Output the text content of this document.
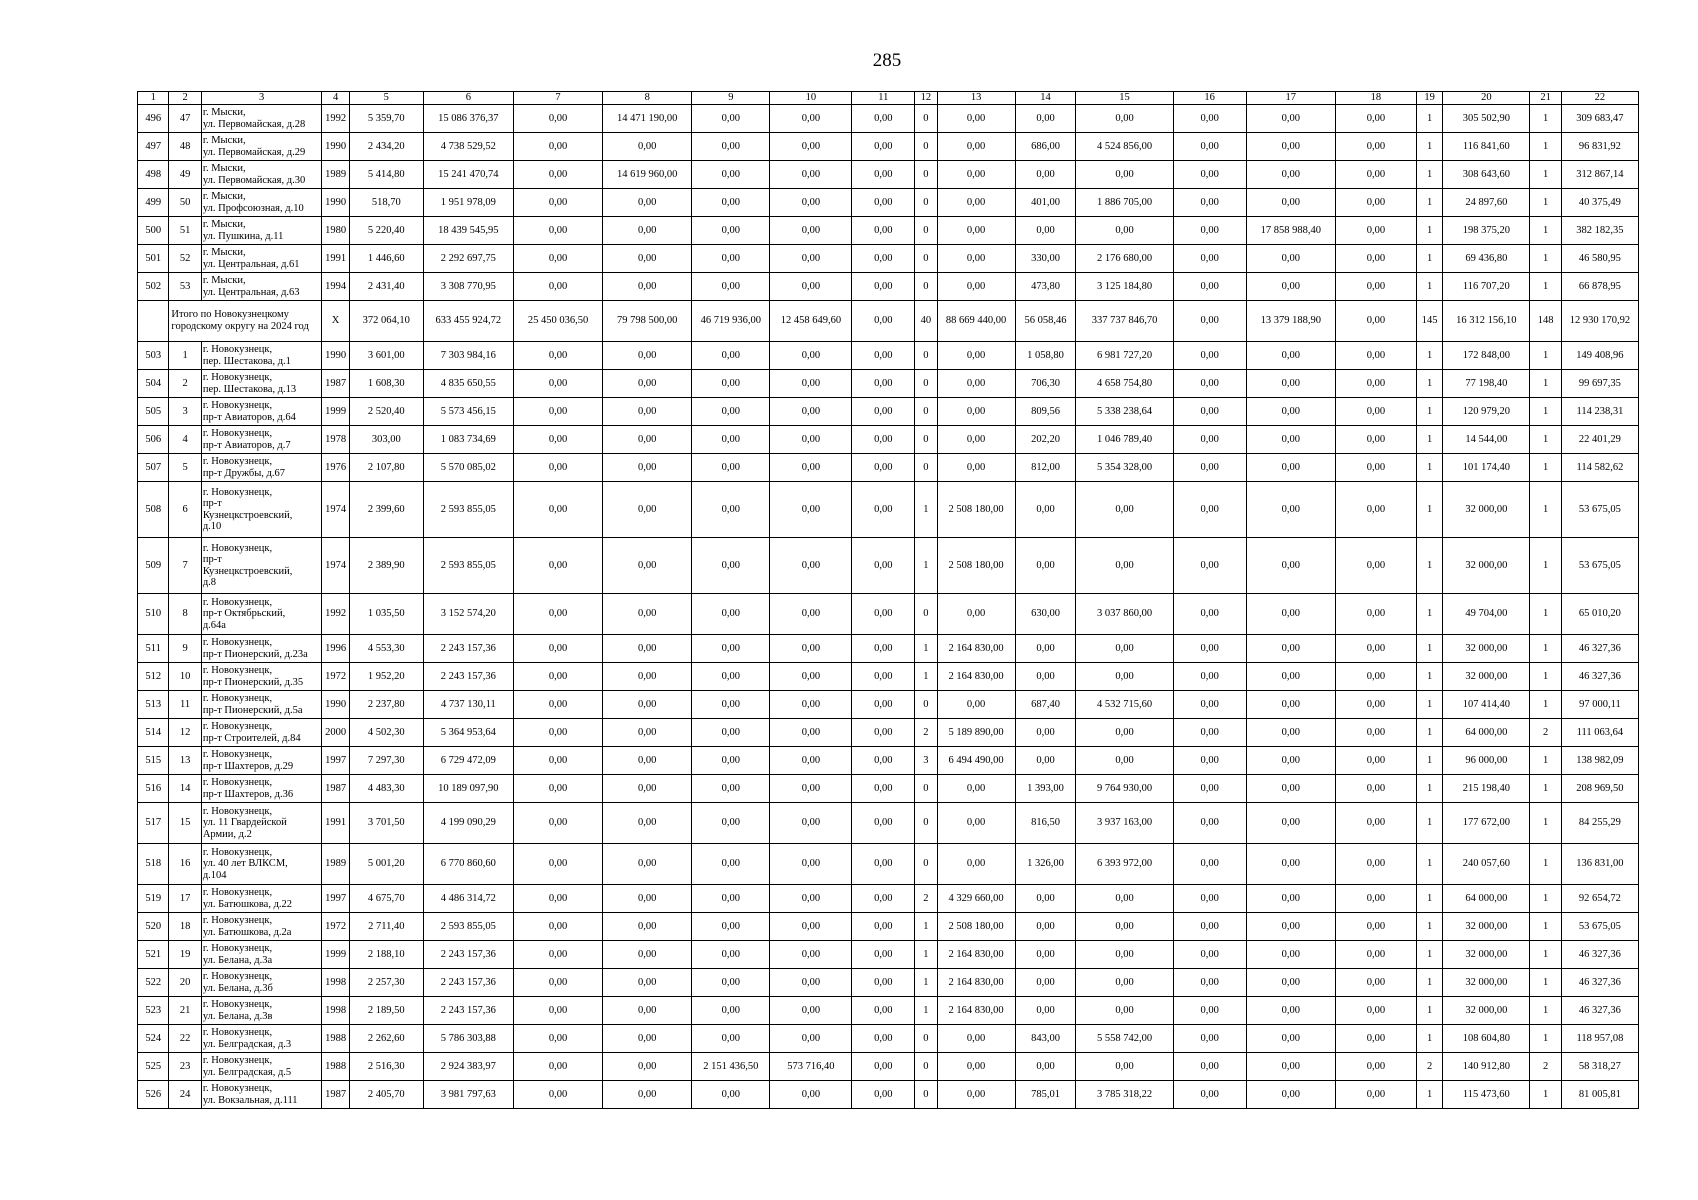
285
1	2	3	4	5	6	7	8	9	10	11	12	13	14	15	16	17	18	19	20	21	22
496	47	г. Мыски,
ул. Первомайская, д.28	1992	5 359,70	15 086 376,37	0,00	14 471 190,00	0,00	0,00	0,00	0	0,00	0,00	0,00	0,00	0,00	0,00	1	305 502,90	1	309 683,47
497	48	г. Мыски,
ул. Первомайская, д.29	1990	2 434,20	4 738 529,52	0,00	0,00	0,00	0,00	0,00	0	0,00	686,00	4 524 856,00	0,00	0,00	0,00	1	116 841,60	1	96 831,92
498	49	г. Мыски,
ул. Первомайская, д.30	1989	5 414,80	15 241 470,74	0,00	14 619 960,00	0,00	0,00	0,00	0	0,00	0,00	0,00	0,00	0,00	0,00	1	308 643,60	1	312 867,14
499	50	г. Мыски,
ул. Профсоюзная, д.10	1990	518,70	1 951 978,09	0,00	0,00	0,00	0,00	0,00	0	0,00	401,00	1 886 705,00	0,00	0,00	0,00	1	24 897,60	1	40 375,49
500	51	г. Мыски,
ул. Пушкина, д.11	1980	5 220,40	18 439 545,95	0,00	0,00	0,00	0,00	0,00	0	0,00	0,00	0,00	0,00	17 858 988,40	0,00	1	198 375,20	1	382 182,35
501	52	г. Мыски,
ул. Центральная, д.61	1991	1 446,60	2 292 697,75	0,00	0,00	0,00	0,00	0,00	0	0,00	330,00	2 176 680,00	0,00	0,00	0,00	1	69 436,80	1	46 580,95
502	53	г. Мыски,
ул. Центральная, д.63	1994	2 431,40	3 308 770,95	0,00	0,00	0,00	0,00	0,00	0	0,00	473,80	3 125 184,80	0,00	0,00	0,00	1	116 707,20	1	66 878,95
	Итого по Новокузнецкому городскому округу на 2024 год		X	372 064,10	633 455 924,72	25 450 036,50	79 798 500,00	46 719 936,00	12 458 649,60	0,00	40	88 669 440,00	56 058,46	337 737 846,70	0,00	13 379 188,90	0,00	145	16 312 156,10	148	12 930 170,92
503	1	г. Новокузнецк,
пер. Шестакова, д.1	1990	3 601,00	7 303 984,16	0,00	0,00	0,00	0,00	0,00	0	0,00	1 058,80	6 981 727,20	0,00	0,00	0,00	1	172 848,00	1	149 408,96
504	2	г. Новокузнецк,
пер. Шестакова, д.13	1987	1 608,30	4 835 650,55	0,00	0,00	0,00	0,00	0,00	0	0,00	706,30	4 658 754,80	0,00	0,00	0,00	1	77 198,40	1	99 697,35
505	3	г. Новокузнецк,
пр-т Авиаторов, д.64	1999	2 520,40	5 573 456,15	0,00	0,00	0,00	0,00	0,00	0	0,00	809,56	5 338 238,64	0,00	0,00	0,00	1	120 979,20	1	114 238,31
506	4	г. Новокузнецк,
пр-т Авиаторов, д.7	1978	303,00	1 083 734,69	0,00	0,00	0,00	0,00	0,00	0	0,00	202,20	1 046 789,40	0,00	0,00	0,00	1	14 544,00	1	22 401,29
507	5	г. Новокузнецк,
пр-т Дружбы, д.67	1976	2 107,80	5 570 085,02	0,00	0,00	0,00	0,00	0,00	0	0,00	812,00	5 354 328,00	0,00	0,00	0,00	1	101 174,40	1	114 582,62
508	6	г. Новокузнецк,
пр-т
Кузнецкстроевский,
д.10	1974	2 399,60	2 593 855,05	0,00	0,00	0,00	0,00	0,00	1	2 508 180,00	0,00	0,00	0,00	0,00	0,00	1	32 000,00	1	53 675,05
509	7	г. Новокузнецк,
пр-т
Кузнецкстроевский,
д.8	1974	2 389,90	2 593 855,05	0,00	0,00	0,00	0,00	0,00	1	2 508 180,00	0,00	0,00	0,00	0,00	0,00	1	32 000,00	1	53 675,05
510	8	г. Новокузнецк,
пр-т Октябрьский,
д.64а	1992	1 035,50	3 152 574,20	0,00	0,00	0,00	0,00	0,00	0	0,00	630,00	3 037 860,00	0,00	0,00	0,00	1	49 704,00	1	65 010,20
511	9	г. Новокузнецк,
пр-т Пионерский, д.23а	1996	4 553,30	2 243 157,36	0,00	0,00	0,00	0,00	0,00	1	2 164 830,00	0,00	0,00	0,00	0,00	0,00	1	32 000,00	1	46 327,36
512	10	г. Новокузнецк,
пр-т Пионерский, д.35	1972	1 952,20	2 243 157,36	0,00	0,00	0,00	0,00	0,00	1	2 164 830,00	0,00	0,00	0,00	0,00	0,00	1	32 000,00	1	46 327,36
513	11	г. Новокузнецк,
пр-т Пионерский, д.5а	1990	2 237,80	4 737 130,11	0,00	0,00	0,00	0,00	0,00	0	0,00	687,40	4 532 715,60	0,00	0,00	0,00	1	107 414,40	1	97 000,11
514	12	г. Новокузнецк,
пр-т Строителей, д.84	2000	4 502,30	5 364 953,64	0,00	0,00	0,00	0,00	0,00	2	5 189 890,00	0,00	0,00	0,00	0,00	0,00	1	64 000,00	2	111 063,64
515	13	г. Новокузнецк,
пр-т Шахтеров, д.29	1997	7 297,30	6 729 472,09	0,00	0,00	0,00	0,00	0,00	3	6 494 490,00	0,00	0,00	0,00	0,00	0,00	1	96 000,00	1	138 982,09
516	14	г. Новокузнецк,
пр-т Шахтеров, д.36	1987	4 483,30	10 189 097,90	0,00	0,00	0,00	0,00	0,00	0	0,00	1 393,00	9 764 930,00	0,00	0,00	0,00	1	215 198,40	1	208 969,50
517	15	г. Новокузнецк,
ул. 11 Гвардейской
Армии, д.2	1991	3 701,50	4 199 090,29	0,00	0,00	0,00	0,00	0,00	0	0,00	816,50	3 937 163,00	0,00	0,00	0,00	1	177 672,00	1	84 255,29
518	16	г. Новокузнецк,
ул. 40 лет ВЛКСМ,
д.104	1989	5 001,20	6 770 860,60	0,00	0,00	0,00	0,00	0,00	0	0,00	1 326,00	6 393 972,00	0,00	0,00	0,00	1	240 057,60	1	136 831,00
519	17	г. Новокузнецк,
ул. Батюшкова, д.22	1997	4 675,70	4 486 314,72	0,00	0,00	0,00	0,00	0,00	2	4 329 660,00	0,00	0,00	0,00	0,00	0,00	1	64 000,00	1	92 654,72
520	18	г. Новокузнецк,
ул. Батюшкова, д.2а	1972	2 711,40	2 593 855,05	0,00	0,00	0,00	0,00	0,00	1	2 508 180,00	0,00	0,00	0,00	0,00	0,00	1	32 000,00	1	53 675,05
521	19	г. Новокузнецк,
ул. Белана, д.3а	1999	2 188,10	2 243 157,36	0,00	0,00	0,00	0,00	0,00	1	2 164 830,00	0,00	0,00	0,00	0,00	0,00	1	32 000,00	1	46 327,36
522	20	г. Новокузнецк,
ул. Белана, д.3б	1998	2 257,30	2 243 157,36	0,00	0,00	0,00	0,00	0,00	1	2 164 830,00	0,00	0,00	0,00	0,00	0,00	1	32 000,00	1	46 327,36
523	21	г. Новокузнецк,
ул. Белана, д.3в	1998	2 189,50	2 243 157,36	0,00	0,00	0,00	0,00	0,00	1	2 164 830,00	0,00	0,00	0,00	0,00	0,00	1	32 000,00	1	46 327,36
524	22	г. Новокузнецк,
ул. Белградская, д.3	1988	2 262,60	5 786 303,88	0,00	0,00	0,00	0,00	0,00	0	0,00	843,00	5 558 742,00	0,00	0,00	0,00	1	108 604,80	1	118 957,08
525	23	г. Новокузнецк,
ул. Белградская, д.5	1988	2 516,30	2 924 383,97	0,00	0,00	2 151 436,50	573 716,40	0,00	0	0,00	0,00	0,00	0,00	0,00	0,00	2	140 912,80	2	58 318,27
526	24	г. Новокузнецк,
ул. Вокзальная, д.111	1987	2 405,70	3 981 797,63	0,00	0,00	0,00	0,00	0,00	0	0,00	785,01	3 785 318,22	0,00	0,00	0,00	1	115 473,60	1	81 005,81
